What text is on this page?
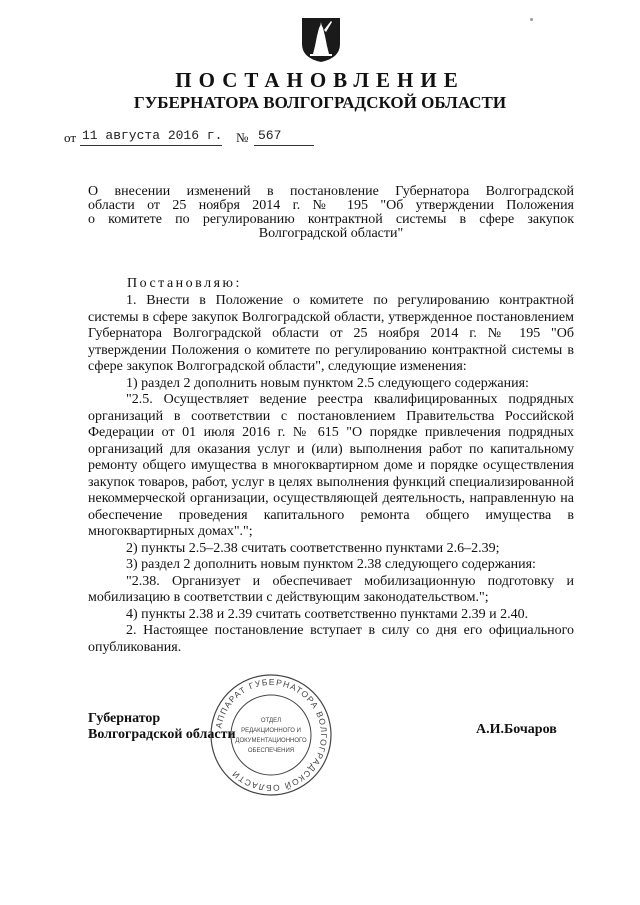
ПОСТАНОВЛЕНИЕ
ГУБЕРНАТОРА ВОЛГОГРАДСКОЙ ОБЛАСТИ
от 11 августа 2016 г. № 567
О внесении изменений в постановление Губернатора Волгоградской
области от 25 ноября 2014 г. № 195 "Об утверждении Положения
о комитете по регулированию контрактной системы в сфере закупок
Волгоградской области"
Постановляю:

1. Внести в Положение о комитете по регулированию контрактной системы в сфере закупок Волгоградской области, утвержденное постановлением Губернатора Волгоградской области от 25 ноября 2014 г. № 195 "Об утверждении Положения о комитете по регулированию контрактной системы в сфере закупок Волгоградской области", следующие изменения:

1) раздел 2 дополнить новым пунктом 2.5 следующего содержания:

"2.5. Осуществляет ведение реестра квалифицированных подрядных организаций в соответствии с постановлением Правительства Российской Федерации от 01 июля 2016 г. № 615 "О порядке привлечения подрядных организаций для оказания услуг и (или) выполнения работ по капитальному ремонту общего имущества в многоквартирном доме и порядке осуществления закупок товаров, работ, услуг в целях выполнения функций специализированной некоммерческой организации, осуществляющей деятельность, направленную на обеспечение проведения капитального ремонта общего имущества в многоквартирных домах".";

2) пункты 2.5–2.38 считать соответственно пунктами 2.6–2.39;

3) раздел 2 дополнить новым пунктом 2.38 следующего содержания:

"2.38. Организует и обеспечивает мобилизационную подготовку и мобилизацию в соответствии с действующим законодательством.";

4) пункты 2.38 и 2.39 считать соответственно пунктами 2.39 и 2.40.

2. Настоящее постановление вступает в силу со дня его официального опубликования.

Губернатор
Волгоградской области	А.И.Бочаров
АППАРАТ ГУБЕРНАТОРА ВОЛГОГРАДСКОЙ ОБЛАСТИ
ОТДЕЛ
РЕДАКЦИОННОГО И
ДОКУМЕНТАЦИОННОГО
ОБЕСПЕЧЕНИЯ
